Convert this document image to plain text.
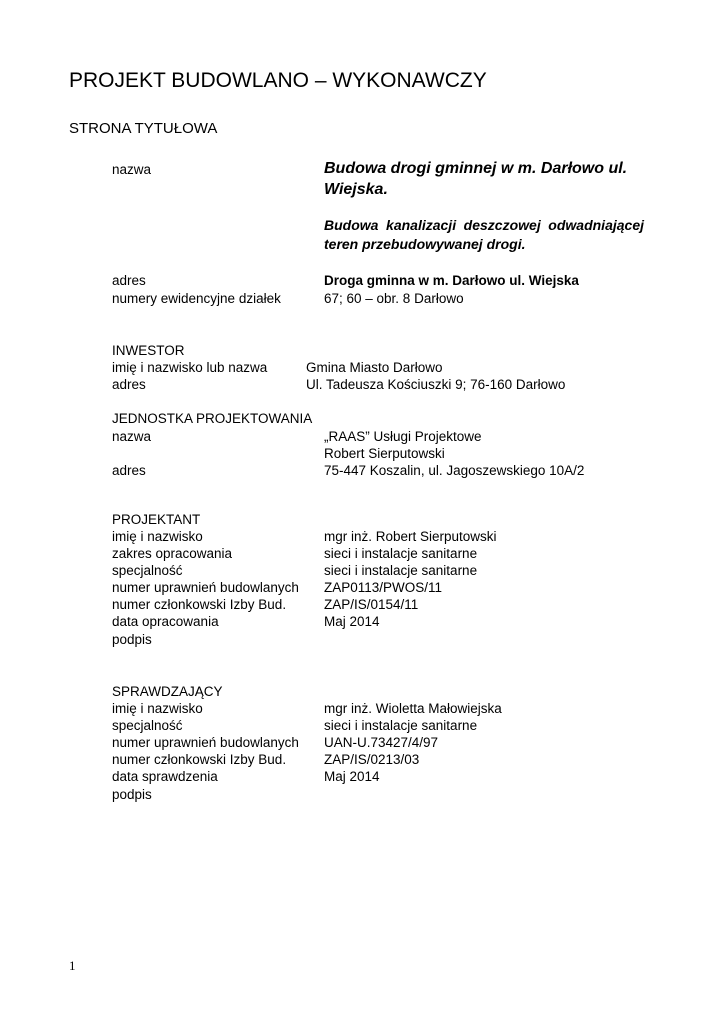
PROJEKT BUDOWLANO – WYKONAWCZY
STRONA TYTUŁOWA
nazwa	Budowa drogi gminnej w m. Darłowo ul. Wiejska.
Budowa kanalizacji deszczowej odwadniającej teren przebudowywanej drogi.
adres	Droga gminna w m. Darłowo ul. Wiejska
numery ewidencyjne działek	67; 60 – obr. 8 Darłowo
INWESTOR
imię i nazwisko lub nazwa	Gmina Miasto Darłowo
adres	Ul. Tadeusza Kościuszki 9; 76-160 Darłowo
JEDNOSTKA PROJEKTOWANIA
nazwa	„RAAS” Usługi Projektowe
Robert Sierputowski
adres	75-447 Koszalin, ul. Jagoszewskiego 10A/2
PROJEKTANT
imię i nazwisko	mgr inż. Robert Sierputowski
zakres opracowania	sieci i instalacje sanitarne
specjalność	sieci i instalacje sanitarne
numer uprawnień budowlanych ZAP0113/PWOS/11
numer członkowski Izby Bud.	ZAP/IS/0154/11
data opracowania	Maj 2014
podpis
SPRAWDZAJĄCY
imię i nazwisko	mgr inż. Wioletta Małowiejska
specjalność	sieci i instalacje sanitarne
numer uprawnień budowlanych UAN-U.73427/4/97
numer członkowski Izby Bud.	ZAP/IS/0213/03
data sprawdzenia	Maj 2014
podpis
1
